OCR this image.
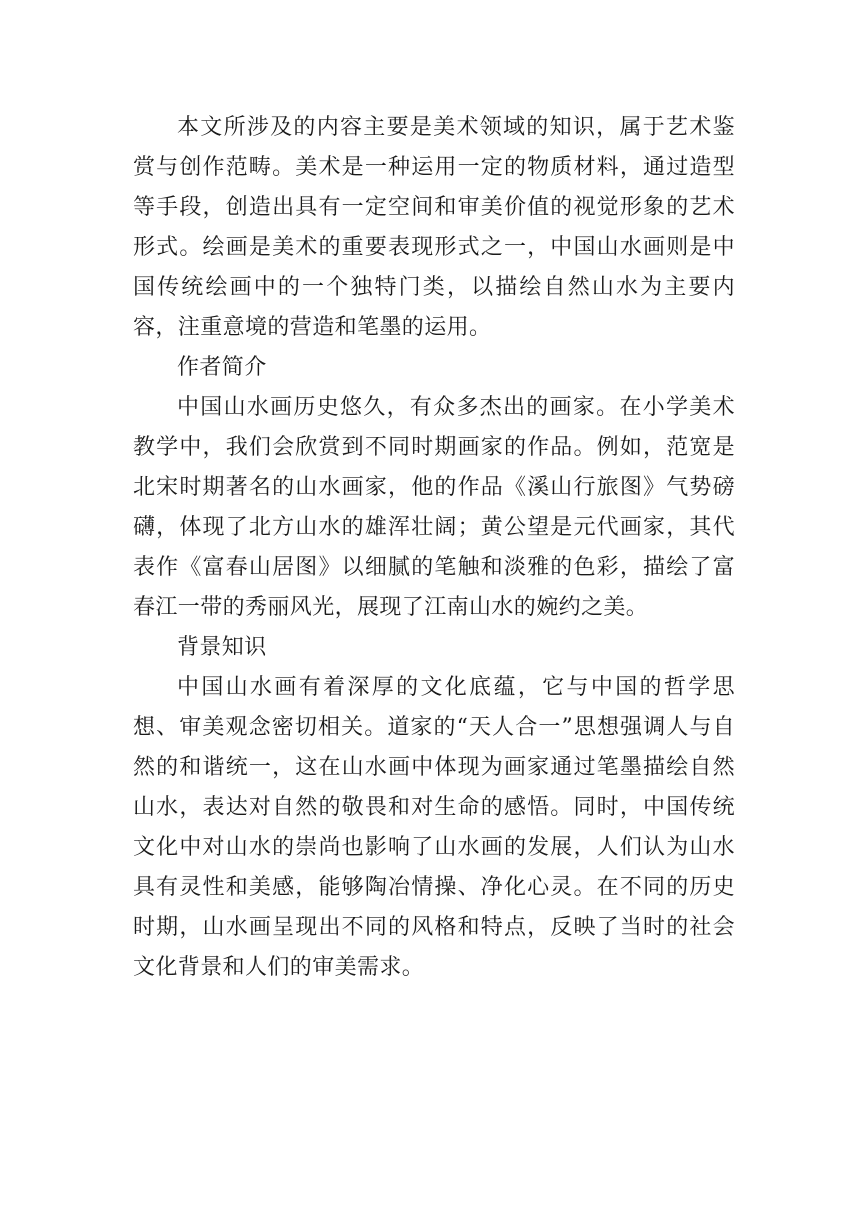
本文所涉及的内容主要是美术领域的知识，属于艺术鉴赏与创作范畴。美术是一种运用一定的物质材料，通过造型等手段，创造出具有一定空间和审美价值的视觉形象的艺术形式。绘画是美术的重要表现形式之一，中国山水画则是中国传统绘画中的一个独特门类，以描绘自然山水为主要内容，注重意境的营造和笔墨的运用。

作者简介

中国山水画历史悠久，有众多杰出的画家。在小学美术教学中，我们会欣赏到不同时期画家的作品。例如，范宽是北宋时期著名的山水画家，他的作品《溪山行旅图》气势磅礴，体现了北方山水的雄浑壮阔；黄公望是元代画家，其代表作《富春山居图》以细腻的笔触和淡雅的色彩，描绘了富春江一带的秀丽风光，展现了江南山水的婉约之美。

背景知识

中国山水画有着深厚的文化底蕴，它与中国的哲学思想、审美观念密切相关。道家的“天人合一”思想强调人与自然的和谐统一，这在山水画中体现为画家通过笔墨描绘自然山水，表达对自然的敬畏和对生命的感悟。同时，中国传统文化中对山水的崇尚也影响了山水画的发展，人们认为山水具有灵性和美感，能够陶冶情操、净化心灵。在不同的历史时期，山水画呈现出不同的风格和特点，反映了当时的社会文化背景和人们的审美需求。
